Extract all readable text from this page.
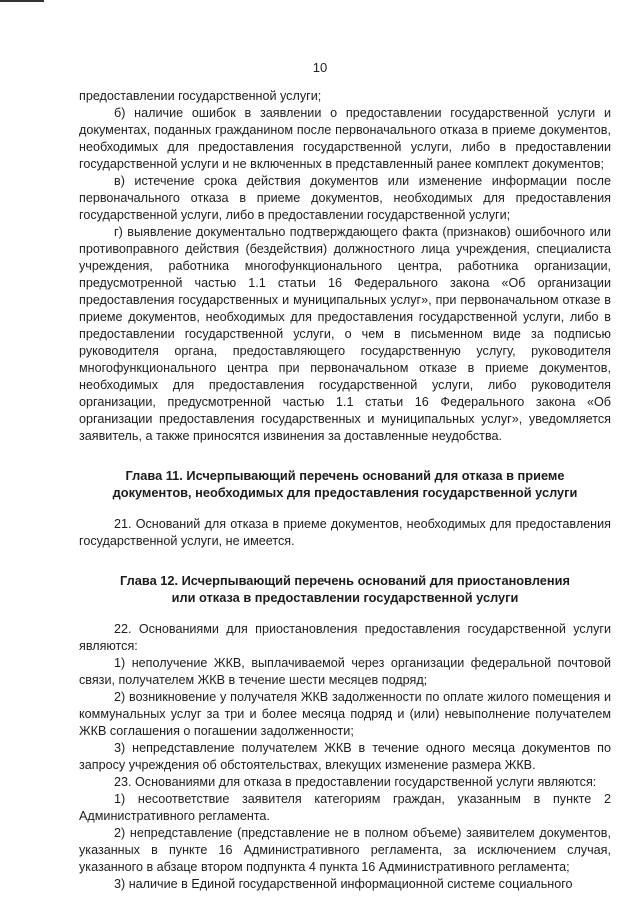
10

предоставлении государственной услуги;

б) наличие ошибок в заявлении о предоставлении государственной услуги и документах, поданных гражданином после первоначального отказа в приеме документов, необходимых для предоставления государственной услуги, либо в предоставлении государственной услуги и не включенных в представленный ранее комплект документов;

в) истечение срока действия документов или изменение информации после первоначального отказа в приеме документов, необходимых для предоставления государственной услуги, либо в предоставлении государственной услуги;

г) выявление документально подтверждающего факта (признаков) ошибочного или противоправного действия (бездействия) должностного лица учреждения, специалиста учреждения, работника многофункционального центра, работника организации, предусмотренной частью 1.1 статьи 16 Федерального закона «Об организации предоставления государственных и муниципальных услуг», при первоначальном отказе в приеме документов, необходимых для предоставления государственной услуги, либо в предоставлении государственной услуги, о чем в письменном виде за подписью руководителя органа, предоставляющего государственную услугу, руководителя многофункционального центра при первоначальном отказе в приеме документов, необходимых для предоставления государственной услуги, либо руководителя организации, предусмотренной частью 1.1 статьи 16 Федерального закона «Об организации предоставления государственных и муниципальных услуг», уведомляется заявитель, а также приносятся извинения за доставленные неудобства.

Глава 11. Исчерпывающий перечень оснований для отказа в приеме
документов, необходимых для предоставления государственной услуги

21. Оснований для отказа в приеме документов, необходимых для предоставления государственной услуги, не имеется.

Глава 12. Исчерпывающий перечень оснований для приостановления
или отказа в предоставлении государственной услуги

22. Основаниями для приостановления предоставления государственной услуги являются:

1) неполучение ЖКВ, выплачиваемой через организации федеральной почтовой связи, получателем ЖКВ в течение шести месяцев подряд;

2) возникновение у получателя ЖКВ задолженности по оплате жилого помещения и коммунальных услуг за три и более месяца подряд и (или) невыполнение получателем ЖКВ соглашения о погашении задолженности;

3) непредставление получателем ЖКВ в течение одного месяца документов по запросу учреждения об обстоятельствах, влекущих изменение размера ЖКВ.

23. Основаниями для отказа в предоставлении государственной услуги являются:

1) несоответствие заявителя категориям граждан, указанным в пункте 2 Административного регламента.

2) непредставление (представление не в полном объеме) заявителем документов, указанных в пункте 16 Административного регламента, за исключением случая, указанного в абзаце втором подпункта 4 пункта 16 Административного регламента;

3) наличие в Единой государственной информационной системе социального
